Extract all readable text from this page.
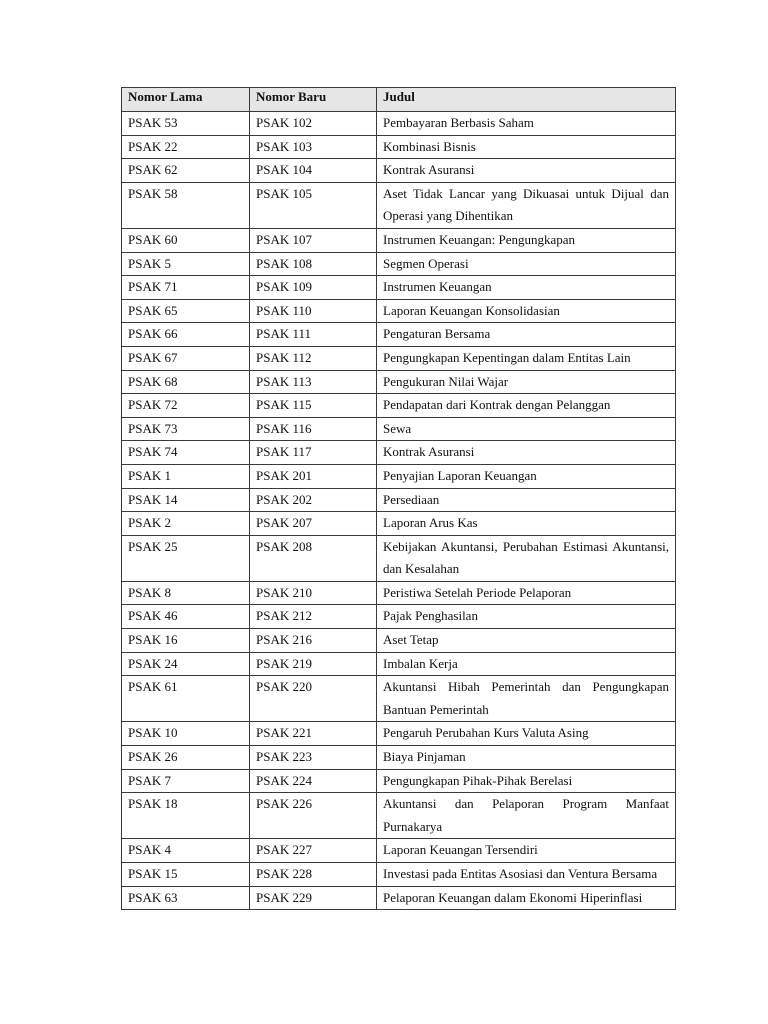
Nomor Lama	Nomor Baru	Judul
PSAK 53	PSAK 102	Pembayaran Berbasis Saham
PSAK 22	PSAK 103	Kombinasi Bisnis
PSAK 62	PSAK 104	Kontrak Asuransi
PSAK 58	PSAK 105	Aset Tidak Lancar yang Dikuasai untuk Dijual dan Operasi yang Dihentikan
PSAK 60	PSAK 107	Instrumen Keuangan: Pengungkapan
PSAK 5	PSAK 108	Segmen Operasi
PSAK 71	PSAK 109	Instrumen Keuangan
PSAK 65	PSAK 110	Laporan Keuangan Konsolidasian
PSAK 66	PSAK 111	Pengaturan Bersama
PSAK 67	PSAK 112	Pengungkapan Kepentingan dalam Entitas Lain
PSAK 68	PSAK 113	Pengukuran Nilai Wajar
PSAK 72	PSAK 115	Pendapatan dari Kontrak dengan Pelanggan
PSAK 73	PSAK 116	Sewa
PSAK 74	PSAK 117	Kontrak Asuransi
PSAK 1	PSAK 201	Penyajian Laporan Keuangan
PSAK 14	PSAK 202	Persediaan
PSAK 2	PSAK 207	Laporan Arus Kas
PSAK 25	PSAK 208	Kebijakan Akuntansi, Perubahan Estimasi Akuntansi, dan Kesalahan
PSAK 8	PSAK 210	Peristiwa Setelah Periode Pelaporan
PSAK 46	PSAK 212	Pajak Penghasilan
PSAK 16	PSAK 216	Aset Tetap
PSAK 24	PSAK 219	Imbalan Kerja
PSAK 61	PSAK 220	Akuntansi Hibah Pemerintah dan Pengungkapan Bantuan Pemerintah
PSAK 10	PSAK 221	Pengaruh Perubahan Kurs Valuta Asing
PSAK 26	PSAK 223	Biaya Pinjaman
PSAK 7	PSAK 224	Pengungkapan Pihak-Pihak Berelasi
PSAK 18	PSAK 226	Akuntansi dan Pelaporan Program Manfaat Purnakarya
PSAK 4	PSAK 227	Laporan Keuangan Tersendiri
PSAK 15	PSAK 228	Investasi pada Entitas Asosiasi dan Ventura Bersama
PSAK 63	PSAK 229	Pelaporan Keuangan dalam Ekonomi Hiperinflasi
